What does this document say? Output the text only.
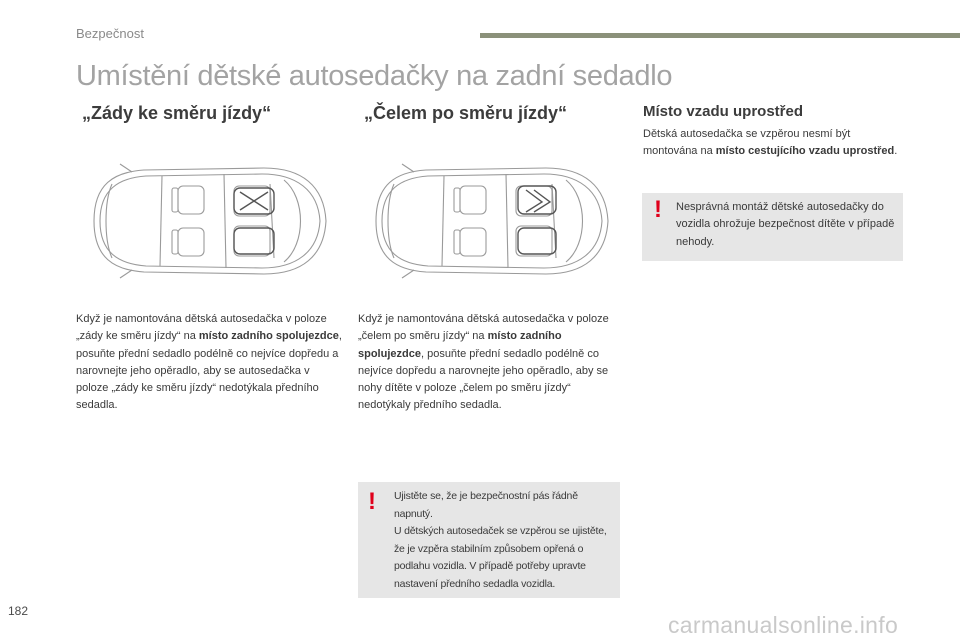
Bezpečnost
Umístění dětské autosedačky na zadní sedadlo
„Zády ke směru jízdy“
Když je namontována dětská autosedačka v poloze „zády ke směru jízdy“ na místo zadního spolujezdce, posuňte přední sedadlo podélně co nejvíce dopředu a narovnejte jeho opěradlo, aby se autosedačka v poloze „zády ke směru jízdy“ nedotýkala předního sedadla.
„Čelem po směru jízdy“
Když je namontována dětská autosedačka v poloze „čelem po směru jízdy“ na místo zadního spolujezdce, posuňte přední sedadlo podélně co nejvíce dopředu a narovnejte jeho opěradlo, aby se nohy dítěte v poloze „čelem po směru jízdy“ nedotýkaly předního sedadla.
! Ujistěte se, že je bezpečnostní pás řádně napnutý.
U dětských autosedaček se vzpěrou se ujistěte, že je vzpěra stabilním způsobem opřená o podlahu vozidla. V případě potřeby upravte nastavení předního sedadla vozidla.
Místo vzadu uprostřed
Dětská autosedačka se vzpěrou nesmí být montována na místo cestujícího vzadu uprostřed.
! Nesprávná montáž dětské autosedačky do vozidla ohrožuje bezpečnost dítěte v případě nehody.
182
carmanualsonline.info
